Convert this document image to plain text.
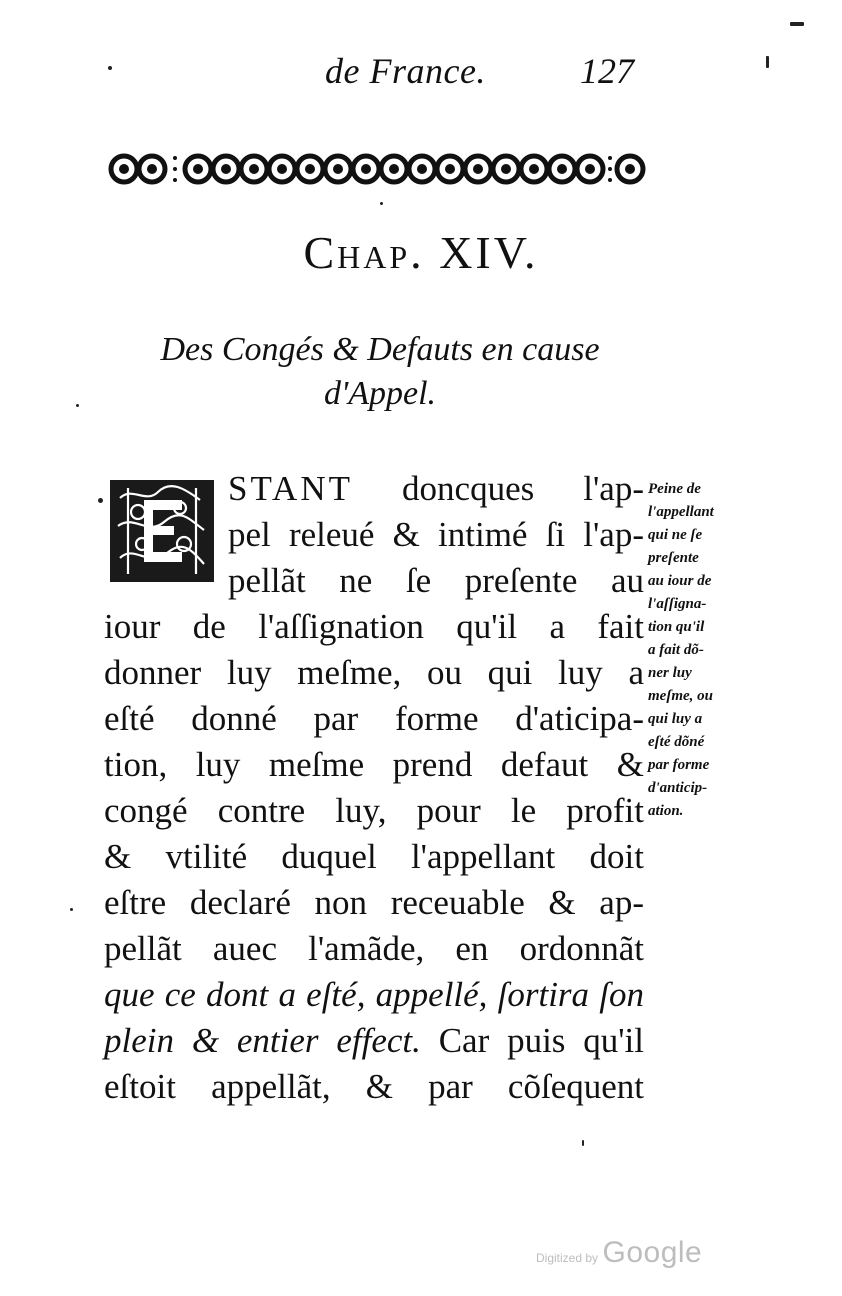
de France.	127
Chap. XIV.
Des Congés & Defauts en cause
d'Appel.
STANT doncques l'ap-
pel releué & intimé ſi l'ap-
pellãt ne ſe preſente au
iour de l'aſſignation qu'il a fait
donner luy meſme, ou qui luy a
eſté donné par forme d'aticipa-
tion, luy meſme prend defaut &
congé contre luy, pour le profit
& vtilité duquel l'appellant doit
eſtre declaré non receuable & ap-
pellãt auec l'amãde, en ordonnãt
que ce dont a eſté, appellé, ſortira ſon
plein & entier effect. Car puis qu'il
eſtoit appellãt, & par cõſequent
Peine de
l'appellant
qui ne ſe
preſente
au iour de
l'aſſigna-
tion qu'il
a fait dõ-
ner luy
meſme, ou
qui luy a
eſté dõné
par forme
d'anticip-
ation.
Digitized by Google
